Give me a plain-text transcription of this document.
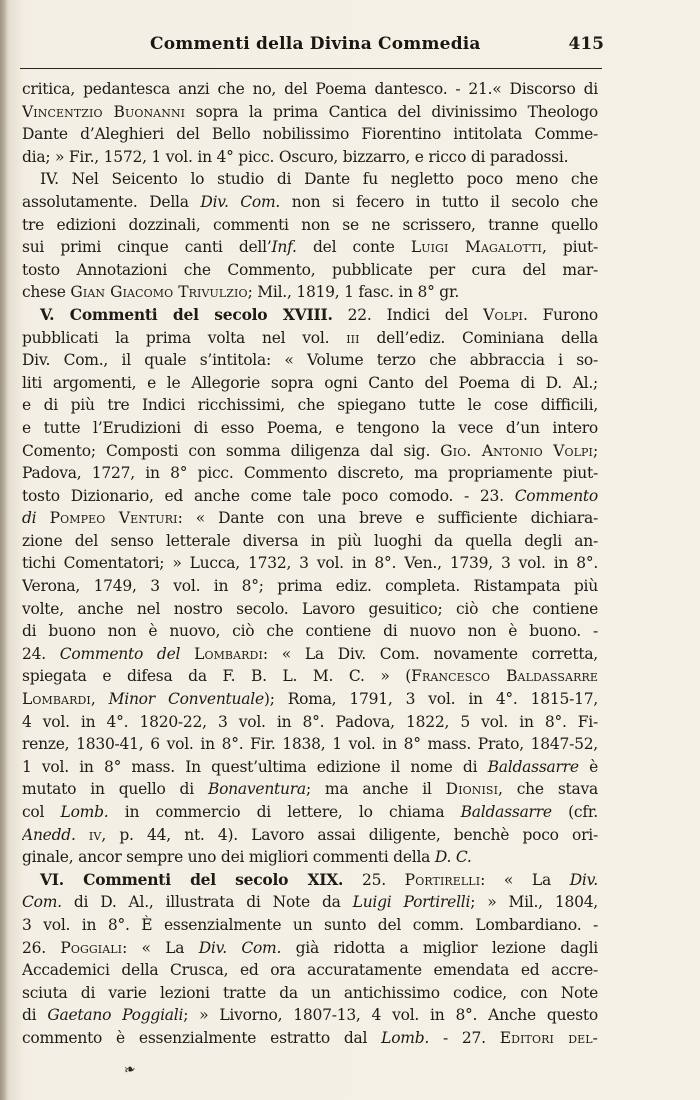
Commenti della Divina Commedia	415
critica, pedantesca anzi che no, del Poema dantesco. - 21.« Discorso di
Vincentzio Buonanni sopra la prima Cantica del divinissimo Theologo
Dante d’Aleghieri del Bello nobilissimo Fiorentino intitolata Comme-
dia; » Fir., 1572, 1 vol. in 4° picc. Oscuro, bizzarro, e ricco di paradossi.
IV. Nel Seicento lo studio di Dante fu negletto poco meno che
assolutamente. Della Div. Com. non si fecero in tutto il secolo che
tre edizioni dozzinali, commenti non se ne scrissero, tranne quello
sui primi cinque canti dell’Inf. del conte Luigi Magalotti, piut-
tosto Annotazioni che Commento, pubblicate per cura del mar-
chese Gian Giacomo Trivulzio; Mil., 1819, 1 fasc. in 8° gr.
V. Commenti del secolo XVIII. 22. Indici del Volpi. Furono
pubblicati la prima volta nel vol. iii dell’ediz. Cominiana della
Div. Com., il quale s’intitola: « Volume terzo che abbraccia i so-
liti argomenti, e le Allegorie sopra ogni Canto del Poema di D. Al.;
e di più tre Indici ricchissimi, che spiegano tutte le cose difficili,
e tutte l’Erudizioni di esso Poema, e tengono la vece d’un intero
Comento; Composti con somma diligenza dal sig. Gio. Antonio Volpi;
Padova, 1727, in 8° picc. Commento discreto, ma propriamente piut-
tosto Dizionario, ed anche come tale poco comodo. - 23. Commento
di Pompeo Venturi: « Dante con una breve e sufficiente dichiara-
zione del senso letterale diversa in più luoghi da quella degli an-
tichi Comentatori; » Lucca, 1732, 3 vol. in 8°. Ven., 1739, 3 vol. in 8°.
Verona, 1749, 3 vol. in 8°; prima ediz. completa. Ristampata più
volte, anche nel nostro secolo. Lavoro gesuitico; ciò che contiene
di buono non è nuovo, ciò che contiene di nuovo non è buono. -
24. Commento del Lombardi: « La Div. Com. novamente corretta,
spiegata e difesa da F. B. L. M. C. » (Francesco Baldassarre
Lombardi, Minor Conventuale); Roma, 1791, 3 vol. in 4°. 1815-17,
4 vol. in 4°. 1820-22, 3 vol. in 8°. Padova, 1822, 5 vol. in 8°. Fi-
renze, 1830-41, 6 vol. in 8°. Fir. 1838, 1 vol. in 8° mass. Prato, 1847-52,
1 vol. in 8° mass. In quest’ultima edizione il nome di Baldassarre è
mutato in quello di Bonaventura; ma anche il Dionisi, che stava
col Lomb. in commercio di lettere, lo chiama Baldassarre (cfr.
Anedd. iv, p. 44, nt. 4). Lavoro assai diligente, benchè poco ori-
ginale, ancor sempre uno dei migliori commenti della D. C.
VI. Commenti del secolo XIX. 25. Portirelli: « La Div.
Com. di D. Al., illustrata di Note da Luigi Portirelli; » Mil., 1804,
3 vol. in 8°. È essenzialmente un sunto del comm. Lombardiano. -
26. Poggiali: « La Div. Com. già ridotta a miglior lezione dagli
Accademici della Crusca, ed ora accuratamente emendata ed accre-
sciuta di varie lezioni tratte da un antichissimo codice, con Note
di Gaetano Poggiali; » Livorno, 1807-13, 4 vol. in 8°. Anche questo
commento è essenzialmente estratto dal Lomb. - 27. Editori del-
❧
